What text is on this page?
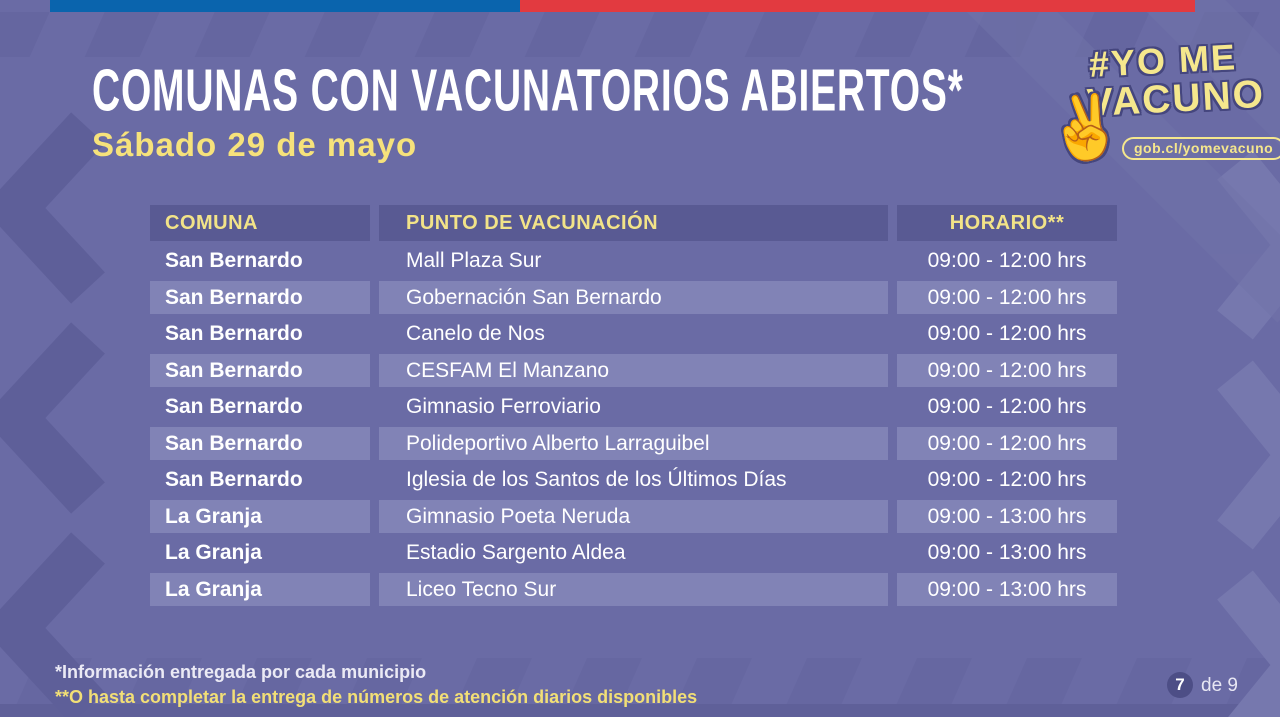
COMUNAS CON VACUNATORIOS ABIERTOS*
Sábado 29 de mayo
#YO ME
VACUNO
✌ gob.cl/yomevacuno
COMUNA	PUNTO DE VACUNACIÓN	HORARIO**
San Bernardo	Mall Plaza Sur	09:00 - 12:00 hrs
San Bernardo	Gobernación San Bernardo	09:00 - 12:00 hrs
San Bernardo	Canelo de Nos	09:00 - 12:00 hrs
San Bernardo	CESFAM El Manzano	09:00 - 12:00 hrs
San Bernardo	Gimnasio Ferroviario	09:00 - 12:00 hrs
San Bernardo	Polideportivo Alberto Larraguibel	09:00 - 12:00 hrs
San Bernardo	Iglesia de los Santos de los Últimos Días	09:00 - 12:00 hrs
La Granja	Gimnasio Poeta Neruda	09:00 - 13:00 hrs
La Granja	Estadio Sargento Aldea	09:00 - 13:00 hrs
La Granja	Liceo Tecno Sur	09:00 - 13:00 hrs
*Información entregada por cada municipio
**O hasta completar la entrega de números de atención diarios disponibles
7 de 9
